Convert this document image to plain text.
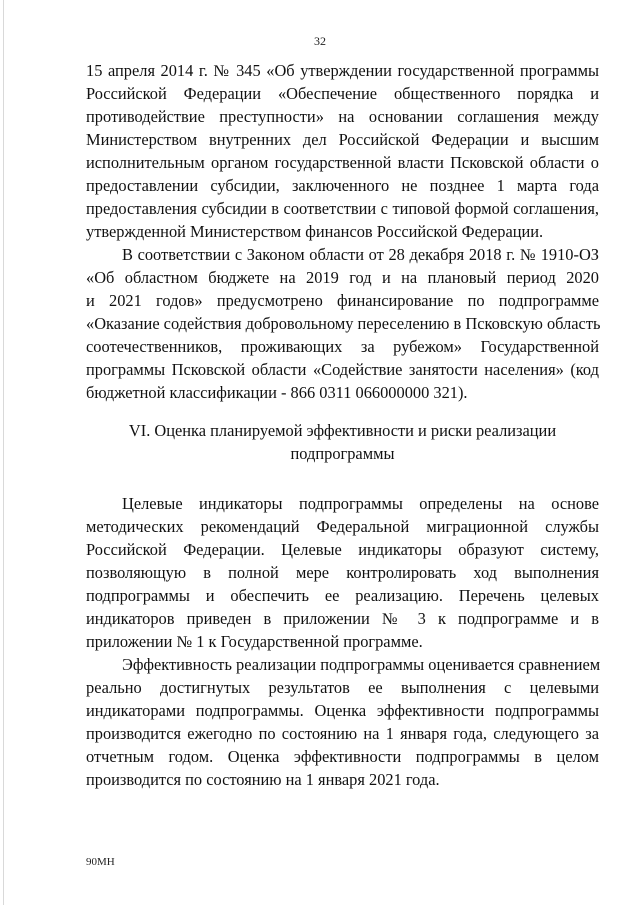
32
15 апреля 2014 г. № 345 «Об утверждении государственной программы
Российской Федерации «Обеспечение общественного порядка и
противодействие преступности» на основании соглашения между
Министерством внутренних дел Российской Федерации и высшим
исполнительным органом государственной власти Псковской области о
предоставлении субсидии, заключенного не позднее 1 марта года
предоставления субсидии в соответствии с типовой формой соглашения,
утвержденной Министерством финансов Российской Федерации.
В соответствии с Законом области от 28 декабря 2018 г. № 1910-ОЗ
«Об областном бюджете на 2019 год и на плановый период 2020
и 2021 годов» предусмотрено финансирование по подпрограмме
«Оказание содействия добровольному переселению в Псковскую область
соотечественников, проживающих за рубежом» Государственной
программы Псковской области «Содействие занятости населения» (код
бюджетной классификации - 866 0311 066000000 321).
VI. Оценка планируемой эффективности и риски реализации
подпрограммы
Целевые индикаторы подпрограммы определены на основе
методических рекомендаций Федеральной миграционной службы
Российской Федерации. Целевые индикаторы образуют систему,
позволяющую в полной мере контролировать ход выполнения
подпрограммы и обеспечить ее реализацию. Перечень целевых
индикаторов приведен в приложении № 3 к подпрограмме и в
приложении № 1 к Государственной программе.
Эффективность реализации подпрограммы оценивается сравнением
реально достигнутых результатов ее выполнения с целевыми
индикаторами подпрограммы. Оценка эффективности подпрограммы
производится ежегодно по состоянию на 1 января года, следующего за
отчетным годом. Оценка эффективности подпрограммы в целом
производится по состоянию на 1 января 2021 года.
90МН
